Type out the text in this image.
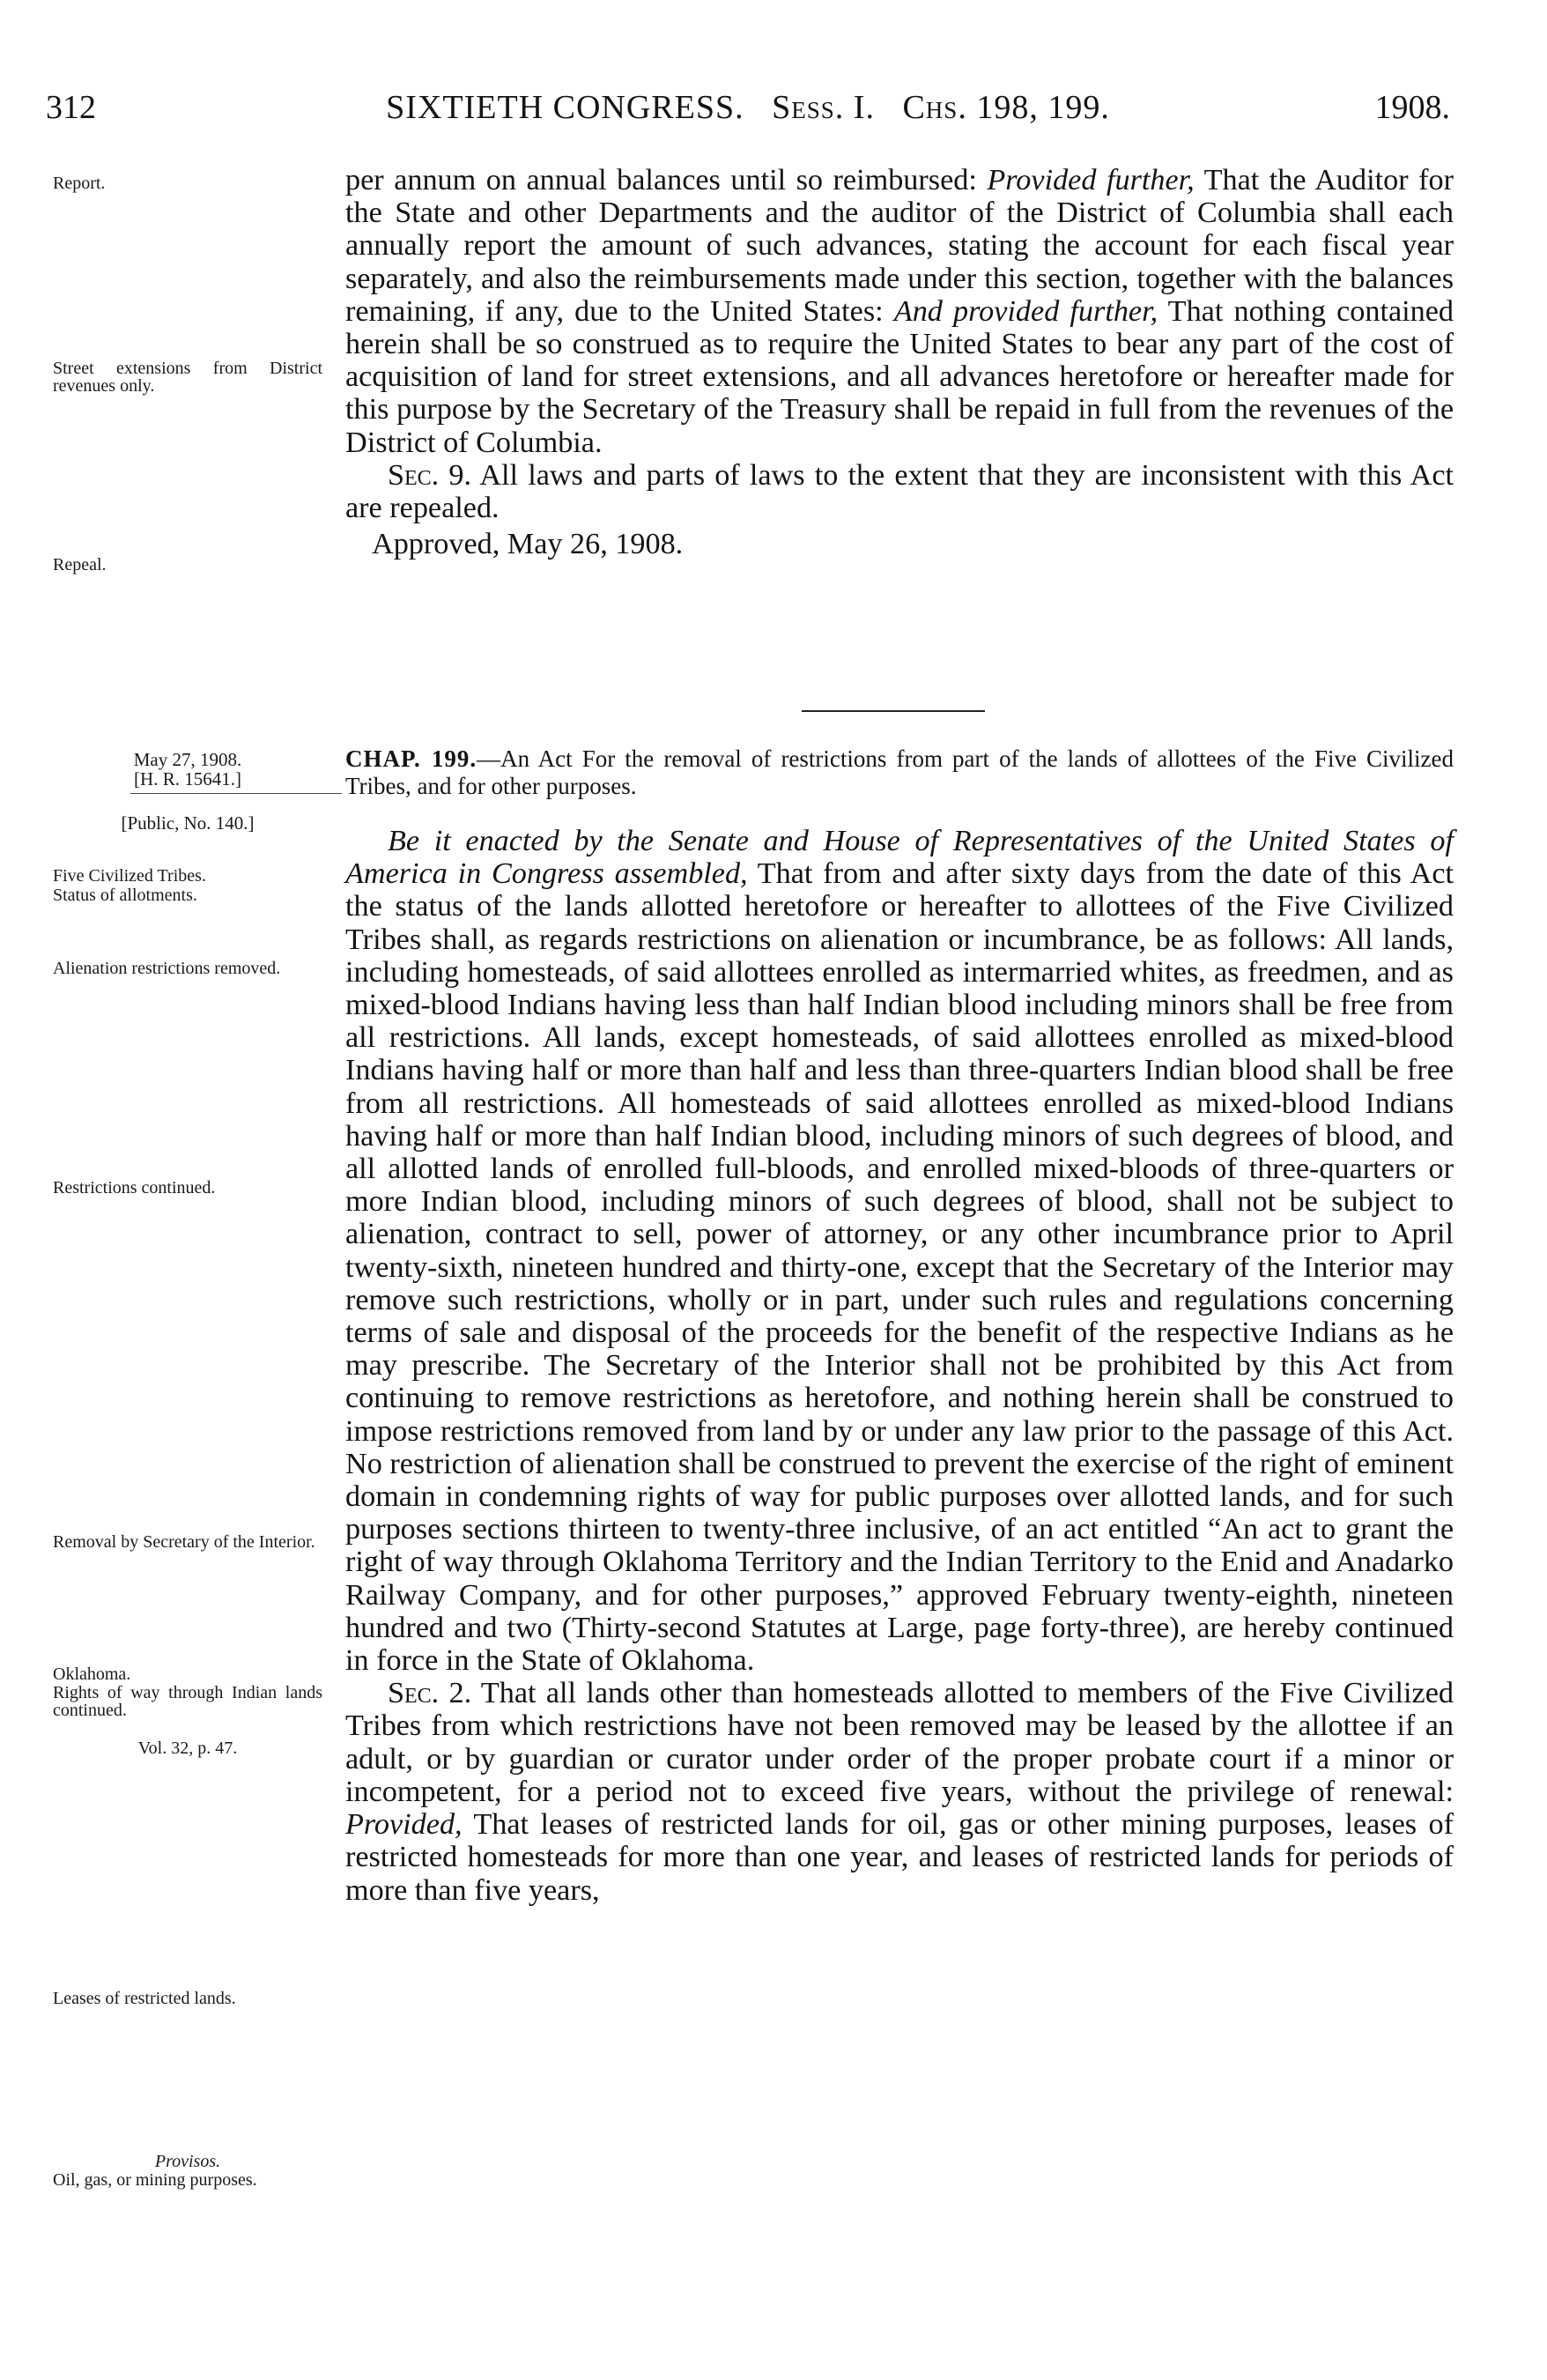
312	SIXTIETH CONGRESS. Sess. I. Chs. 198, 199.	1908.
Report.
Street extensions from District revenues only.
Repeal.

per annum on annual balances until so reimbursed: Provided further, That the Auditor for the State and other Departments and the auditor of the District of Columbia shall each annually report the amount of such advances, stating the account for each fiscal year separately, and also the reimbursements made under this section, together with the balances remaining, if any, due to the United States: And provided further, That nothing contained herein shall be so construed as to require the United States to bear any part of the cost of acquisition of land for street extensions, and all advances heretofore or hereafter made for this purpose by the Secretary of the Treasury shall be repaid in full from the revenues of the District of Columbia.

Sec. 9. All laws and parts of laws to the extent that they are inconsistent with this Act are repealed.

Approved, May 26, 1908.

May 27, 1908.
[H. R. 15641.]
[Public, No. 140.]
CHAP. 199.—An Act For the removal of restrictions from part of the lands of allottees of the Five Civilized Tribes, and for other purposes.
Five Civilized Tribes.
Status of allotments.
Alienation restrictions removed.
Restrictions continued.
Removal by Secretary of the Interior.
Oklahoma.
Rights of way through Indian lands continued.
Vol. 32, p. 47.
Leases of restricted lands.
Provisos.
Oil, gas, or mining purposes.

Be it enacted by the Senate and House of Representatives of the United States of America in Congress assembled, That from and after sixty days from the date of this Act the status of the lands allotted heretofore or hereafter to allottees of the Five Civilized Tribes shall, as regards restrictions on alienation or incumbrance, be as follows: All lands, including homesteads, of said allottees enrolled as intermarried whites, as freedmen, and as mixed-blood Indians having less than half Indian blood including minors shall be free from all restrictions. All lands, except homesteads, of said allottees enrolled as mixed-blood Indians having half or more than half and less than three-quarters Indian blood shall be free from all restrictions. All homesteads of said allottees enrolled as mixed-blood Indians having half or more than half Indian blood, including minors of such degrees of blood, and all allotted lands of enrolled full-bloods, and enrolled mixed-bloods of three-quarters or more Indian blood, including minors of such degrees of blood, shall not be subject to alienation, contract to sell, power of attorney, or any other incumbrance prior to April twenty-sixth, nineteen hundred and thirty-one, except that the Secretary of the Interior may remove such restrictions, wholly or in part, under such rules and regulations concerning terms of sale and disposal of the proceeds for the benefit of the respective Indians as he may prescribe. The Secretary of the Interior shall not be prohibited by this Act from continuing to remove restrictions as heretofore, and nothing herein shall be construed to impose restrictions removed from land by or under any law prior to the passage of this Act. No restriction of alienation shall be construed to prevent the exercise of the right of eminent domain in condemning rights of way for public purposes over allotted lands, and for such purposes sections thirteen to twenty-three inclusive, of an act entitled “An act to grant the right of way through Oklahoma Territory and the Indian Territory to the Enid and Anadarko Railway Company, and for other purposes,” approved February twenty-eighth, nineteen hundred and two (Thirty-second Statutes at Large, page forty-three), are hereby continued in force in the State of Oklahoma.

Sec. 2. That all lands other than homesteads allotted to members of the Five Civilized Tribes from which restrictions have not been removed may be leased by the allottee if an adult, or by guardian or curator under order of the proper probate court if a minor or incompetent, for a period not to exceed five years, without the privilege of renewal: Provided, That leases of restricted lands for oil, gas or other mining purposes, leases of restricted homesteads for more than one year, and leases of restricted lands for periods of more than five years,
